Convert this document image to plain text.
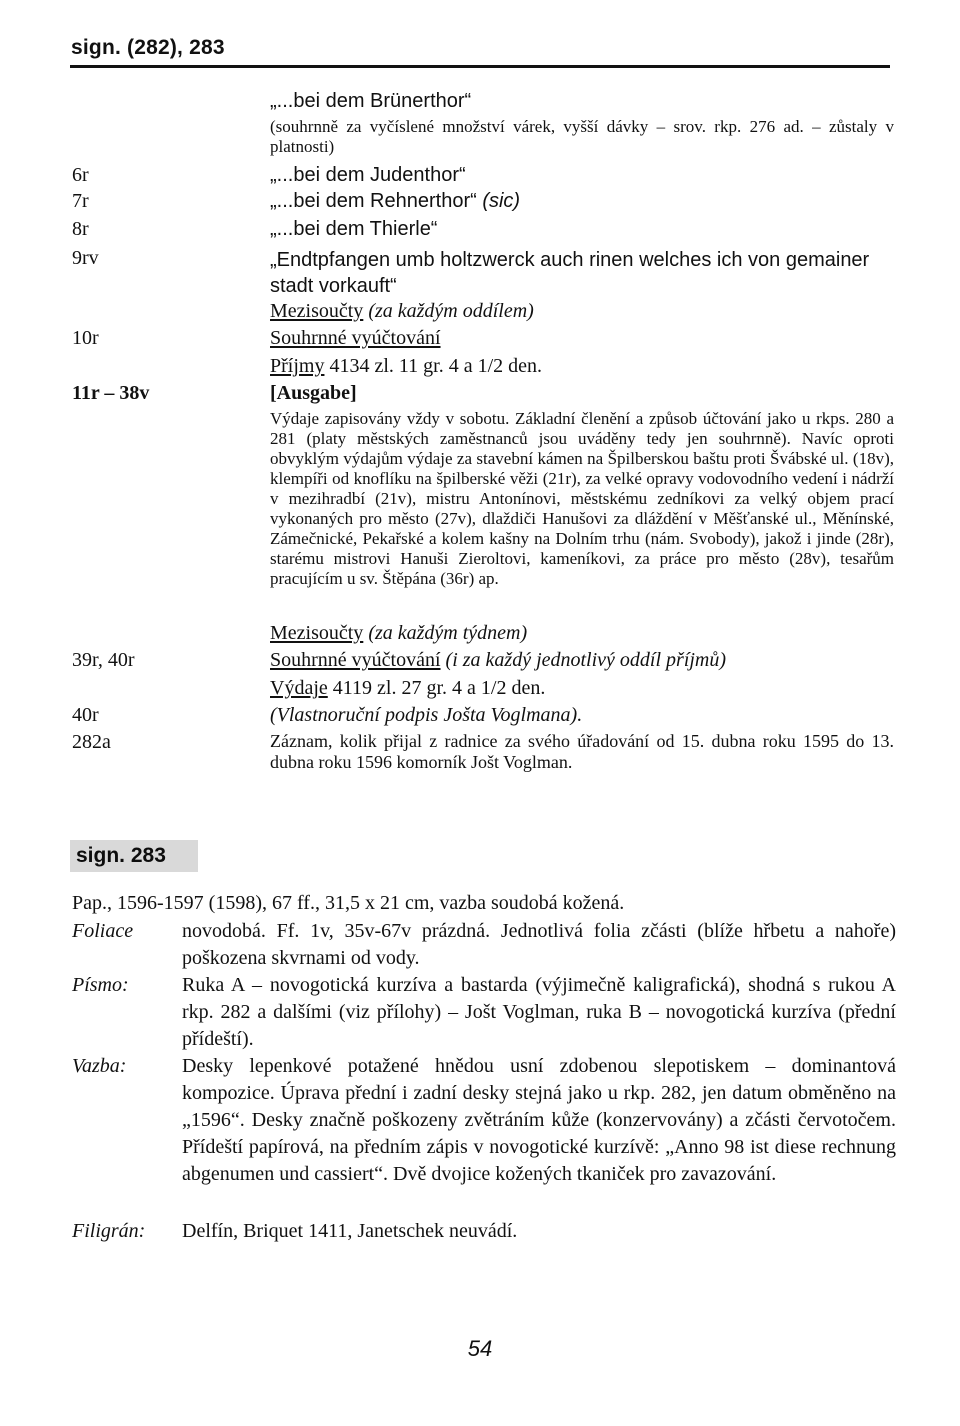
sign. (282), 283
„...bei dem Brünerthor“
(souhrnně za vyčíslené množství várek, vyšší dávky – srov. rkp. 276 ad. – zůstaly v platnosti)
6r	„...bei dem Judenthor“
7r	„...bei dem Rehnerthor“ (sic)
8r	„...bei dem Thierle“
9rv	„Endtpfangen umb holtzwerck auch rinen welches ich von gemainer stadt vorkauft“
Mezisoučty (za každým oddílem)
10r	Souhrnné vyúčtování
Příjmy 4134 zl. 11 gr. 4 a 1/2 den.
11r – 38v	[Ausgabe]
Výdaje zapisovány vždy v sobotu. Základní členění a způsob účtování jako u rkps. 280 a 281 (platy městských zaměstnanců jsou uváděny tedy jen souhrnně). Navíc oproti obvyklým výdajům výdaje za stavební kámen na Špilberskou baštu proti Švábské ul. (18v), klempíři od knoflíku na špilberské věži (21r), za velké opravy vodovodního vedení i nádrží v mezihradbí (21v), mistru Antonínovi, městskému zedníkovi za velký objem prací vykonaných pro město (27v), dlaždiči Hanušovi za dláždění v Měšťanské ul., Měnínské, Zámečnické, Pekařské a kolem kašny na Dolním trhu (nám. Svobody), jakož i jinde (28r), starému mistrovi Hanuši Zieroltovi, kameníkovi, za práce pro město (28v), tesařům pracujícím u sv. Štěpána (36r) ap.
Mezisoučty (za každým týdnem)
39r, 40r	Souhrnné vyúčtování (i za každý jednotlivý oddíl příjmů)
Výdaje 4119 zl. 27 gr. 4 a 1/2 den.
40r	(Vlastnoruční podpis Jošta Voglmana).
282a	Záznam, kolik přijal z radnice za svého úřadování od 15. dubna roku 1595 do 13. dubna roku 1596 komorník Jošt Voglman.
sign. 283
Pap., 1596-1597 (1598), 67 ff., 31,5 x 21 cm, vazba soudobá kožená.
Foliace	novodobá. Ff. 1v, 35v-67v prázdná. Jednotlivá folia zčásti (blíže hřbetu a nahoře) poškozena skvrnami od vody.
Písmo:	Ruka A – novogotická kurzíva a bastarda (výjimečně kaligrafická), shodná s rukou A rkp. 282 a dalšími (viz přílohy) – Jošt Voglman, ruka B – novogotická kurzíva (přední přídeští).
Vazba:	Desky lepenkové potažené hnědou usní zdobenou slepotiskem – dominantová kompozice. Úprava přední i zadní desky stejná jako u rkp. 282, jen datum obměněno na „1596“. Desky značně poškozeny zvětráním kůže (konzervovány) a zčásti červotočem. Přídeští papírová, na předním zápis v novogotické kurzívě: „Anno 98 ist diese rechnung abgenumen und cassiert“. Dvě dvojice kožených tkaniček pro zavazování.
Filigrán:	Delfín, Briquet 1411, Janetschek neuvádí.
54
